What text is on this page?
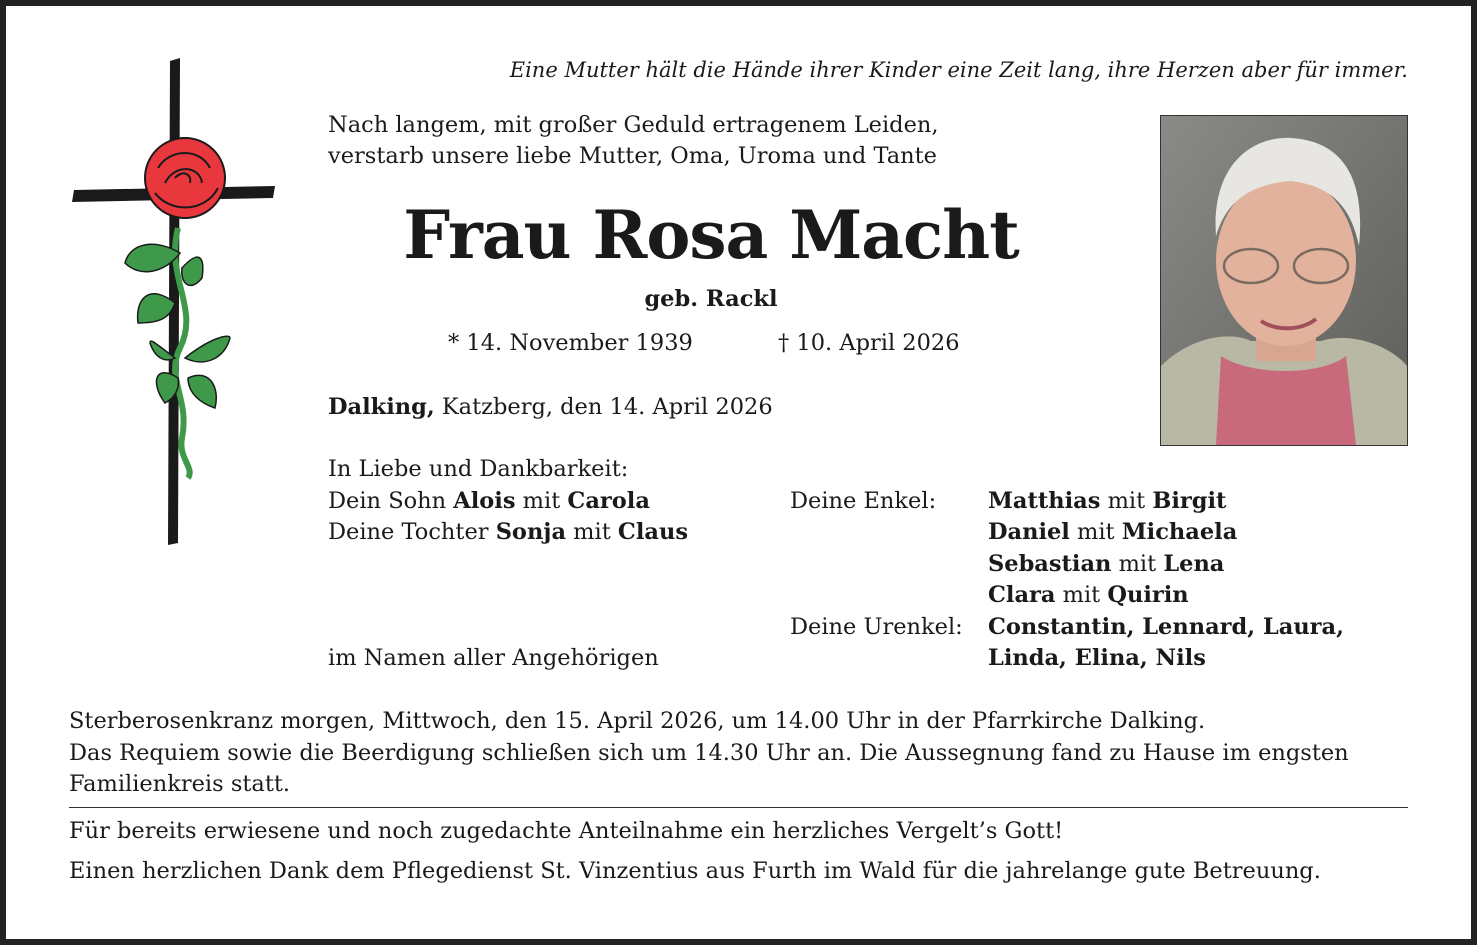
Eine Mutter hält die Hände ihrer Kinder eine Zeit lang, ihre Herzen aber für immer.
Nach langem, mit großer Geduld ertragenem Leiden,
verstarb unsere liebe Mutter, Oma, Uroma und Tante
Frau Rosa Macht
geb. Rackl
* 14. November 1939	† 10. April 2026
Dalking, Katzberg, den 14. April 2026
In Liebe und Dankbarkeit:
Dein Sohn Alois mit Carola
Deine Tochter Sonja mit Claus
im Namen aller Angehörigen
Deine Enkel: Matthias mit Birgit
Daniel mit Michaela
Sebastian mit Lena
Clara mit Quirin
Deine Urenkel: Constantin, Lennard, Laura,
Linda, Elina, Nils
Sterberosenkranz morgen, Mittwoch, den 15. April 2026, um 14.00 Uhr in der Pfarrkirche Dalking.
Das Requiem sowie die Beerdigung schließen sich um 14.30 Uhr an. Die Aussegnung fand zu Hause im engsten
Familienkreis statt.
Für bereits erwiesene und noch zugedachte Anteilnahme ein herzliches Vergelt’s Gott!
Einen herzlichen Dank dem Pflegedienst St. Vinzentius aus Furth im Wald für die jahrelange gute Betreuung.
